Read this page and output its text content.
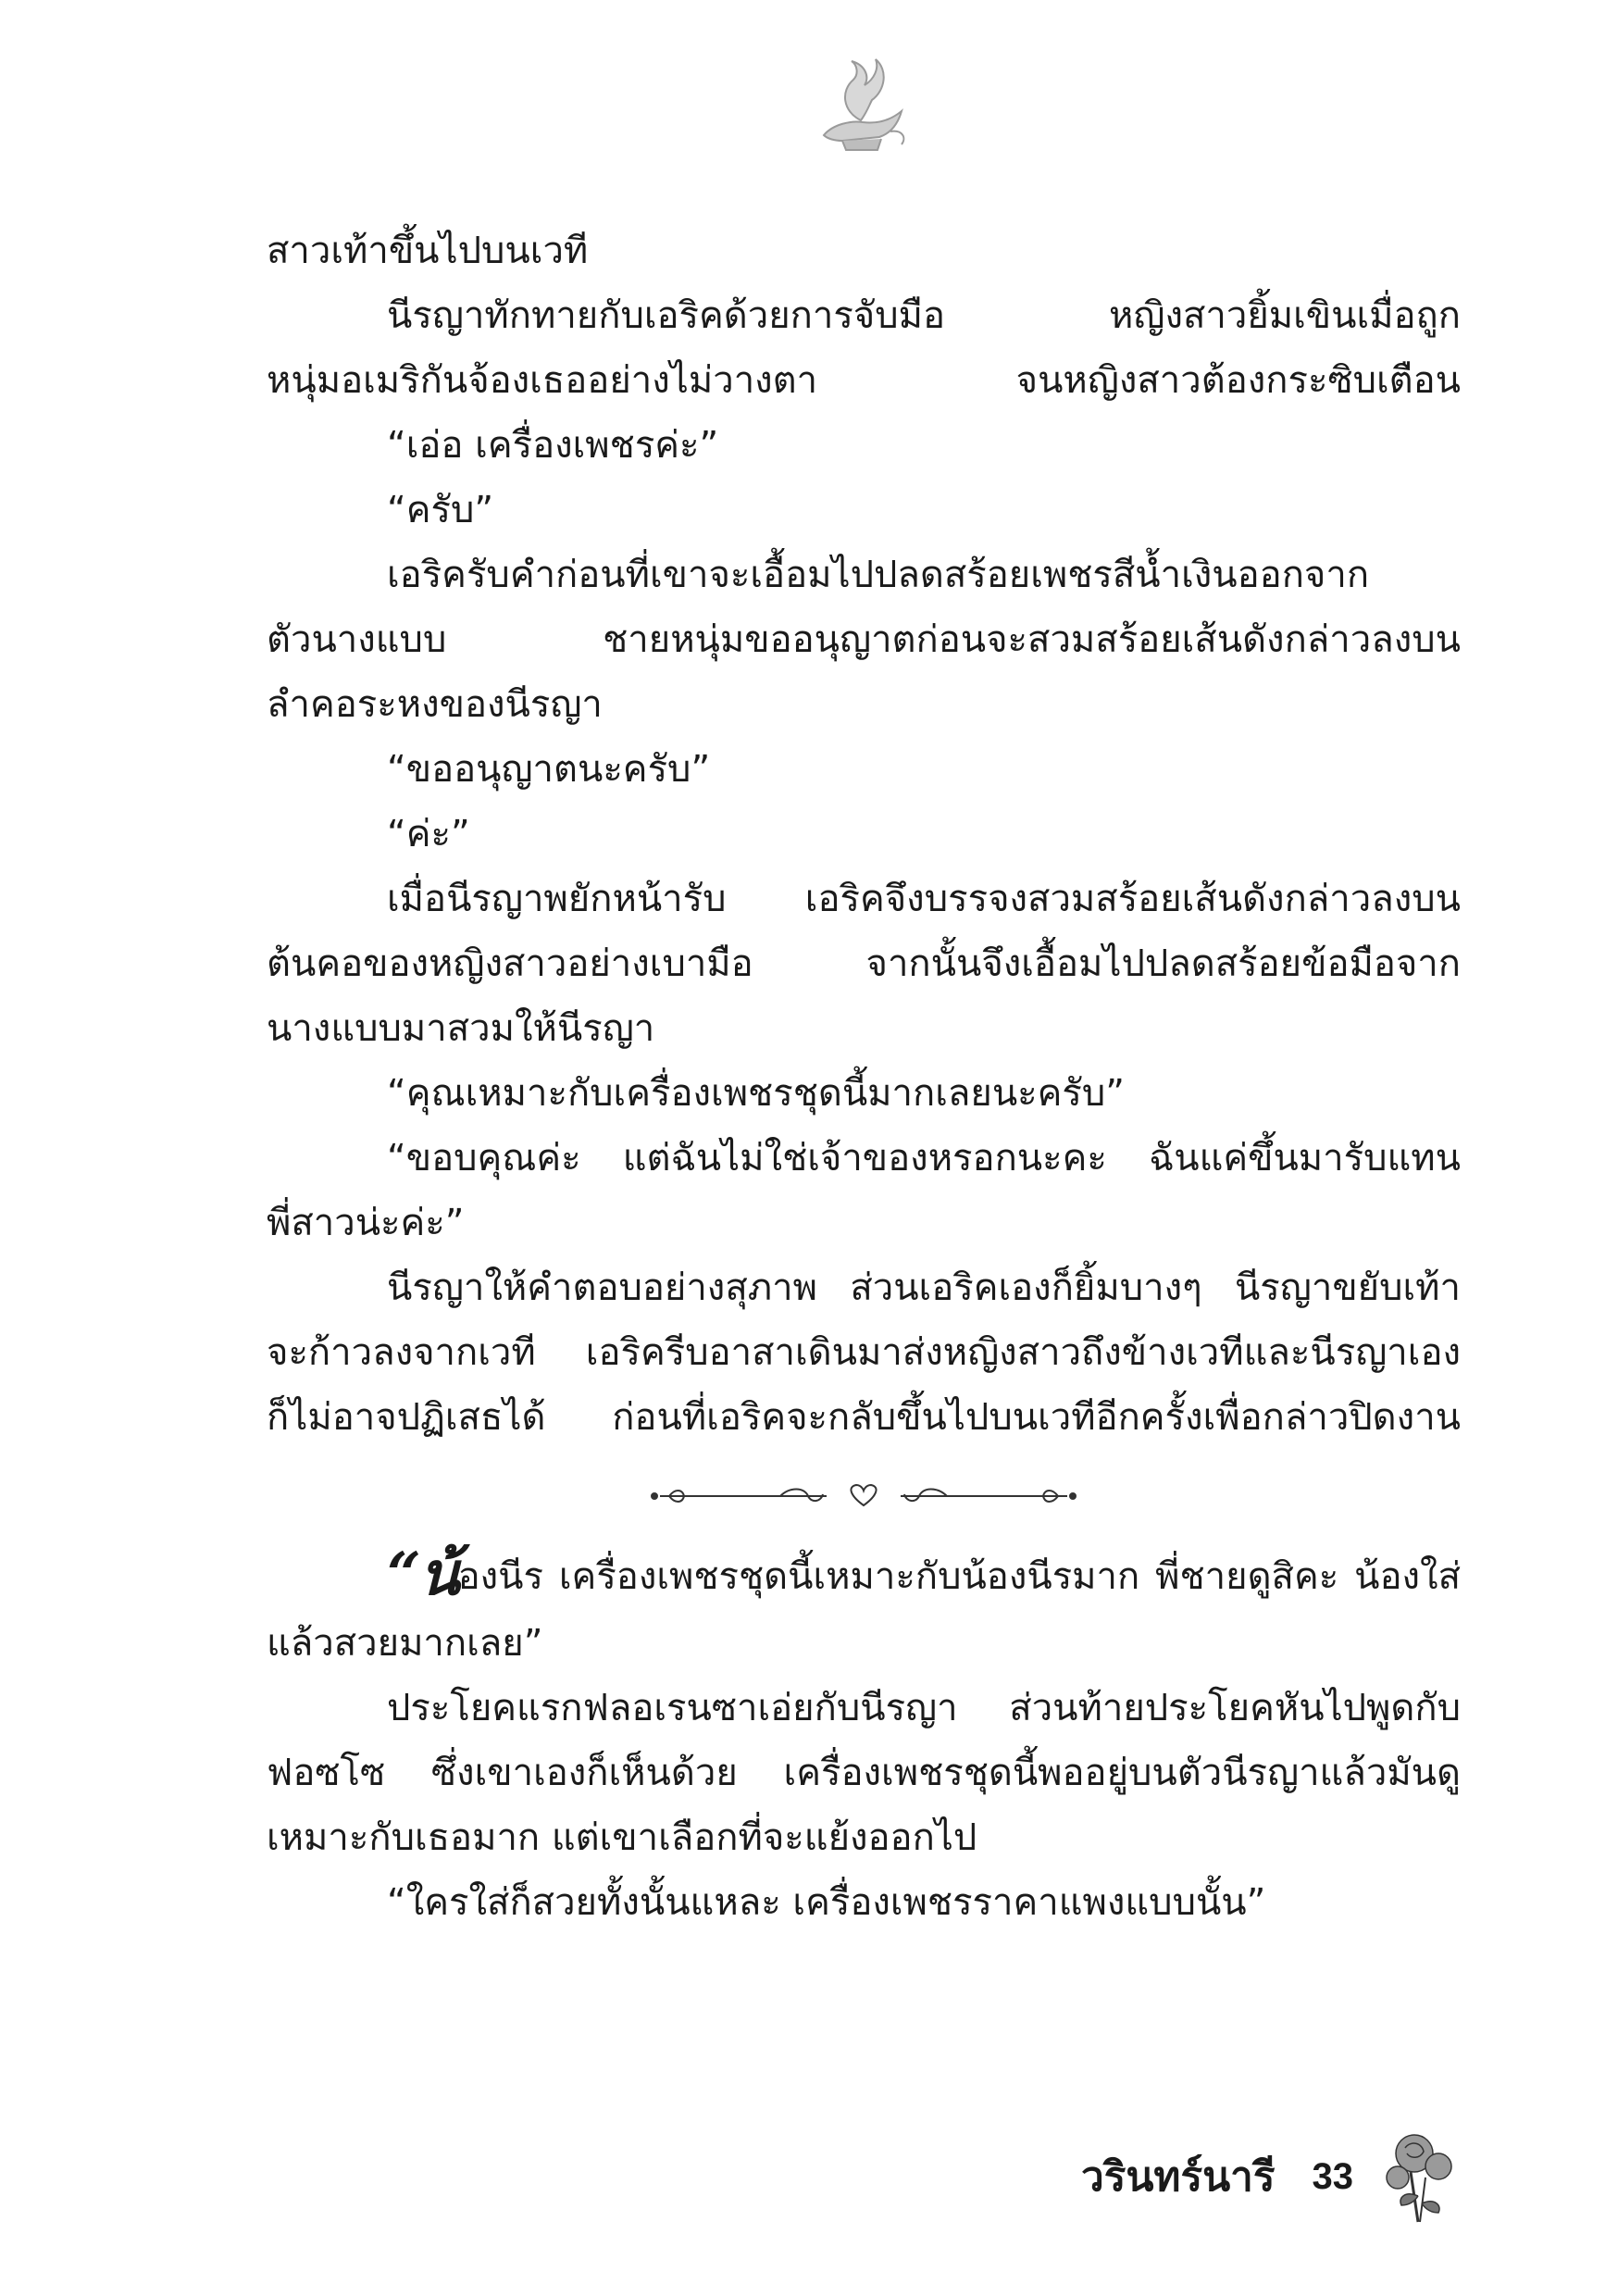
สาวเท้าขึ้นไปบนเวที
นีรญาทักทายกับเอริคด้วยการจับมือ หญิงสาวยิ้มเขินเมื่อถูก
หนุ่มอเมริกันจ้องเธออย่างไม่วางตา จนหญิงสาวต้องกระซิบเตือน
“เอ่อ เครื่องเพชรค่ะ”
“ครับ”
เอริครับคำก่อนที่เขาจะเอื้อมไปปลดสร้อยเพชรสีน้ำเงินออกจาก
ตัวนางแบบ ชายหนุ่มขออนุญาตก่อนจะสวมสร้อยเส้นดังกล่าวลงบน
ลำคอระหงของนีรญา
“ขออนุญาตนะครับ”
“ค่ะ”
เมื่อนีรญาพยักหน้ารับ เอริคจึงบรรจงสวมสร้อยเส้นดังกล่าวลงบน
ต้นคอของหญิงสาวอย่างเบามือ จากนั้นจึงเอื้อมไปปลดสร้อยข้อมือจาก
นางแบบมาสวมให้นีรญา
“คุณเหมาะกับเครื่องเพชรชุดนี้มากเลยนะครับ”
“ขอบคุณค่ะ แต่ฉันไม่ใช่เจ้าของหรอกนะคะ ฉันแค่ขึ้นมารับแทน
พี่สาวน่ะค่ะ”
นีรญาให้คำตอบอย่างสุภาพ ส่วนเอริคเองก็ยิ้มบางๆ นีรญาขยับเท้า
จะก้าวลงจากเวที เอริครีบอาสาเดินมาส่งหญิงสาวถึงข้างเวทีและนีรญาเอง
ก็ไม่อาจปฏิเสธได้ ก่อนที่เอริคจะกลับขึ้นไปบนเวทีอีกครั้งเพื่อกล่าวปิดงาน
“น้องนีร เครื่องเพชรชุดนี้เหมาะกับน้องนีรมาก พี่ชายดูสิคะ น้องใส่
แล้วสวยมากเลย”
ประโยคแรกฟลอเรนซาเอ่ยกับนีรญา ส่วนท้ายประโยคหันไปพูดกับ
ฟอซโซ ซึ่งเขาเองก็เห็นด้วย เครื่องเพชรชุดนี้พออยู่บนตัวนีรญาแล้วมันดู
เหมาะกับเธอมาก แต่เขาเลือกที่จะแย้งออกไป
“ใครใส่ก็สวยทั้งนั้นแหละ เครื่องเพชรราคาแพงแบบนั้น”
วรินทร์นารี 33
